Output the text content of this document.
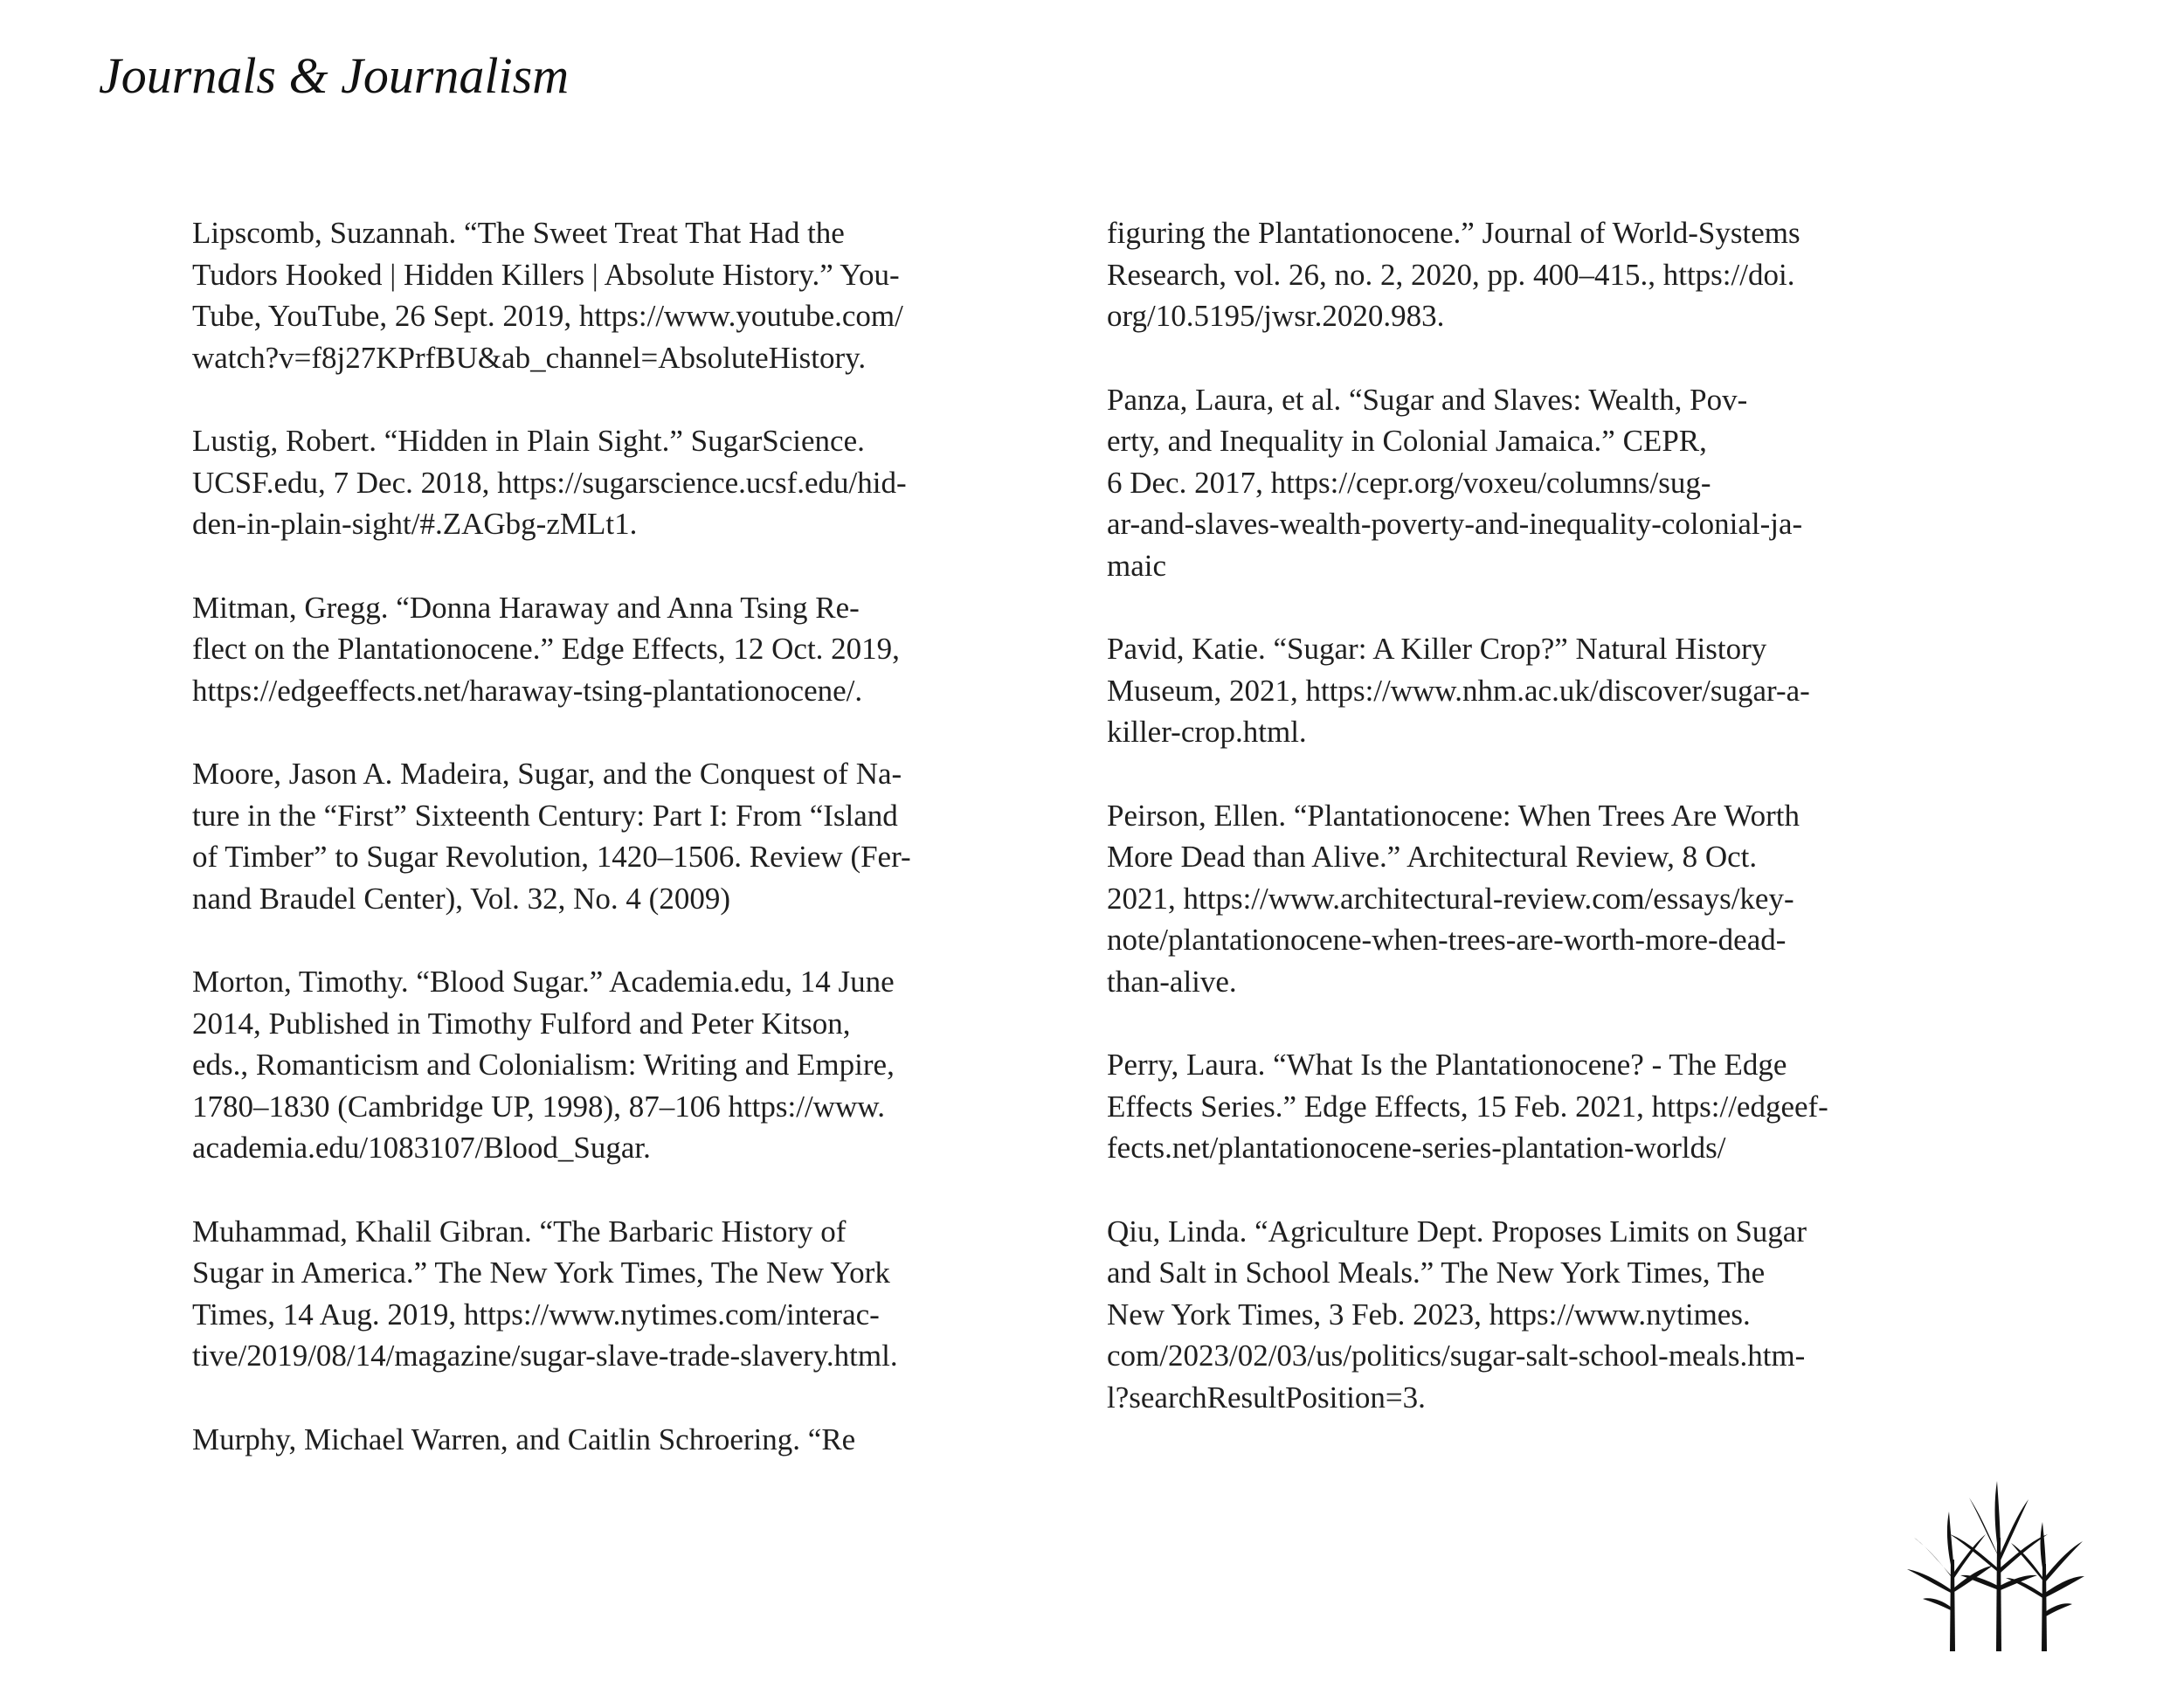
Journals & Journalism

Lipscomb, Suzannah. “The Sweet Treat That Had the
Tudors Hooked | Hidden Killers | Absolute History.” You-
Tube, YouTube, 26 Sept. 2019, https://www.youtube.com/
watch?v=f8j27KPrfBU&ab_channel=AbsoluteHistory.

Lustig, Robert. “Hidden in Plain Sight.” SugarScience.
UCSF.edu, 7 Dec. 2018, https://sugarscience.ucsf.edu/hid-
den-in-plain-sight/#.ZAGbg-zMLt1.

Mitman, Gregg. “Donna Haraway and Anna Tsing Re-
flect on the Plantationocene.” Edge Effects, 12 Oct. 2019,
https://edgeeffects.net/haraway-tsing-plantationocene/.

Moore, Jason A. Madeira, Sugar, and the Conquest of Na-
ture in the “First” Sixteenth Century: Part I: From “Island
of Timber” to Sugar Revolution, 1420–1506. Review (Fer-
nand Braudel Center), Vol. 32, No. 4 (2009)

Morton, Timothy. “Blood Sugar.” Academia.edu, 14 June
2014, Published in Timothy Fulford and Peter Kitson,
eds., Romanticism and Colonialism: Writing and Empire,
1780–1830 (Cambridge UP, 1998), 87–106 https://www.
academia.edu/1083107/Blood_Sugar.

Muhammad, Khalil Gibran. “The Barbaric History of
Sugar in America.” The New York Times, The New York
Times, 14 Aug. 2019, https://www.nytimes.com/interac-
tive/2019/08/14/magazine/sugar-slave-trade-slavery.html.

Murphy, Michael Warren, and Caitlin Schroering. “Re

figuring the Plantationocene.” Journal of World-Systems
Research, vol. 26, no. 2, 2020, pp. 400–415., https://doi.
org/10.5195/jwsr.2020.983.

Panza, Laura, et al. “Sugar and Slaves: Wealth, Pov-
erty, and Inequality in Colonial Jamaica.” CEPR,
6 Dec. 2017, https://cepr.org/voxeu/columns/sug-
ar-and-slaves-wealth-poverty-and-inequality-colonial-ja-
maic

Pavid, Katie. “Sugar: A Killer Crop?” Natural History
Museum, 2021, https://www.nhm.ac.uk/discover/sugar-a-
killer-crop.html.

Peirson, Ellen. “Plantationocene: When Trees Are Worth
More Dead than Alive.” Architectural Review, 8 Oct.
2021, https://www.architectural-review.com/essays/key-
note/plantationocene-when-trees-are-worth-more-dead-
than-alive.

Perry, Laura. “What Is the Plantationocene? - The Edge
Effects Series.” Edge Effects, 15 Feb. 2021, https://edgeef-
fects.net/plantationocene-series-plantation-worlds/

Qiu, Linda. “Agriculture Dept. Proposes Limits on Sugar
and Salt in School Meals.” The New York Times, The
New York Times, 3 Feb. 2023, https://www.nytimes.
com/2023/02/03/us/politics/sugar-salt-school-meals.htm-
l?searchResultPosition=3.
